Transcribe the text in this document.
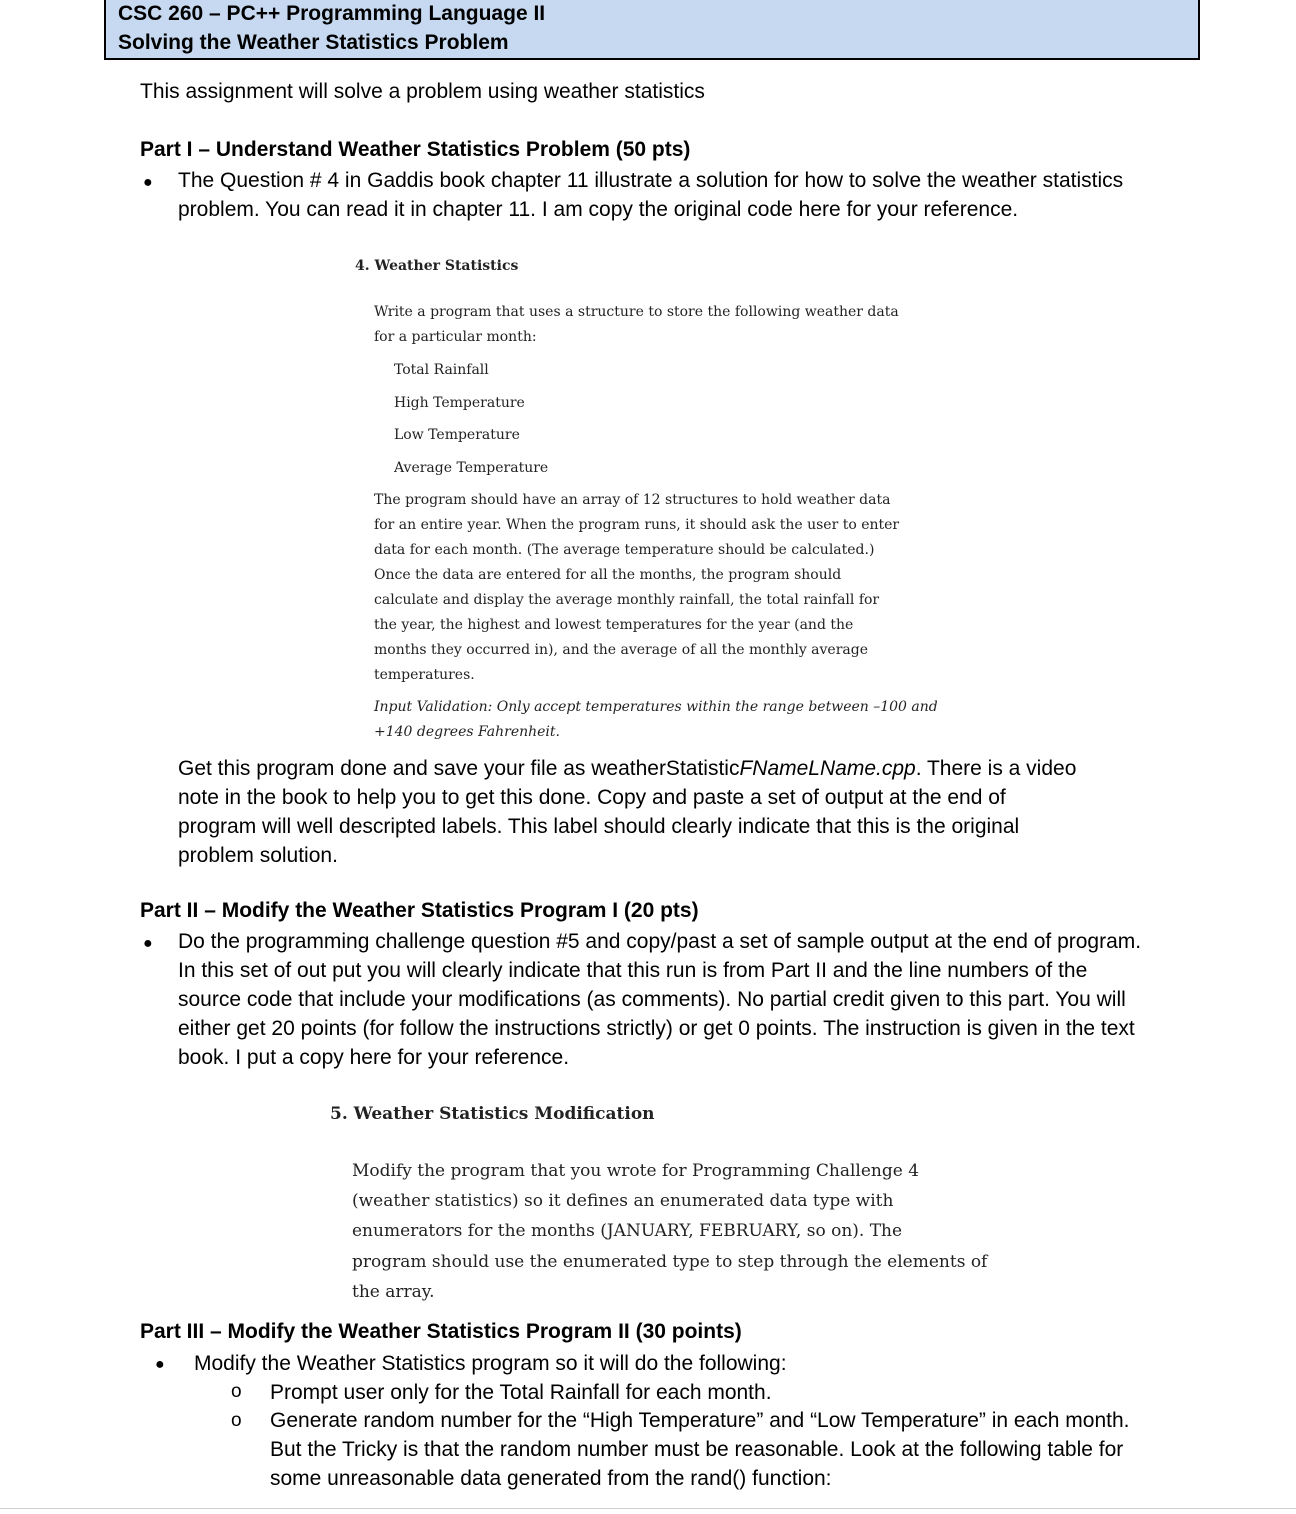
CSC 260 – PC++ Programming Language II
Solving the Weather Statistics Problem
This assignment will solve a problem using weather statistics
Part I – Understand Weather Statistics Problem (50 pts)
● The Question # 4 in Gaddis book chapter 11 illustrate a solution for how to solve the weather statistics
problem. You can read it in chapter 11. I am copy the original code here for your reference.
4. Weather Statistics
Write a program that uses a structure to store the following weather data
for a particular month:
Total Rainfall
High Temperature
Low Temperature
Average Temperature
The program should have an array of 12 structures to hold weather data
for an entire year. When the program runs, it should ask the user to enter
data for each month. (The average temperature should be calculated.)
Once the data are entered for all the months, the program should
calculate and display the average monthly rainfall, the total rainfall for
the year, the highest and lowest temperatures for the year (and the
months they occurred in), and the average of all the monthly average
temperatures.
Input Validation: Only accept temperatures within the range between –100 and
+140 degrees Fahrenheit.
Get this program done and save your file as weatherStatisticFNameLName.cpp. There is a video
note in the book to help you to get this done. Copy and paste a set of output at the end of
program will well descripted labels. This label should clearly indicate that this is the original
problem solution.
Part II – Modify the Weather Statistics Program I (20 pts)
● Do the programming challenge question #5 and copy/past a set of sample output at the end of program.
In this set of out put you will clearly indicate that this run is from Part II and the line numbers of the
source code that include your modifications (as comments). No partial credit given to this part. You will
either get 20 points (for follow the instructions strictly) or get 0 points. The instruction is given in the text
book. I put a copy here for your reference.
5. Weather Statistics Modification
Modify the program that you wrote for Programming Challenge 4
(weather statistics) so it defines an enumerated data type with
enumerators for the months (JANUARY, FEBRUARY, so on). The
program should use the enumerated type to step through the elements of
the array.
Part III – Modify the Weather Statistics Program II (30 points)
● Modify the Weather Statistics program so it will do the following:
o Prompt user only for the Total Rainfall for each month.
o Generate random number for the “High Temperature” and “Low Temperature” in each month.
But the Tricky is that the random number must be reasonable. Look at the following table for
some unreasonable data generated from the rand() function:
